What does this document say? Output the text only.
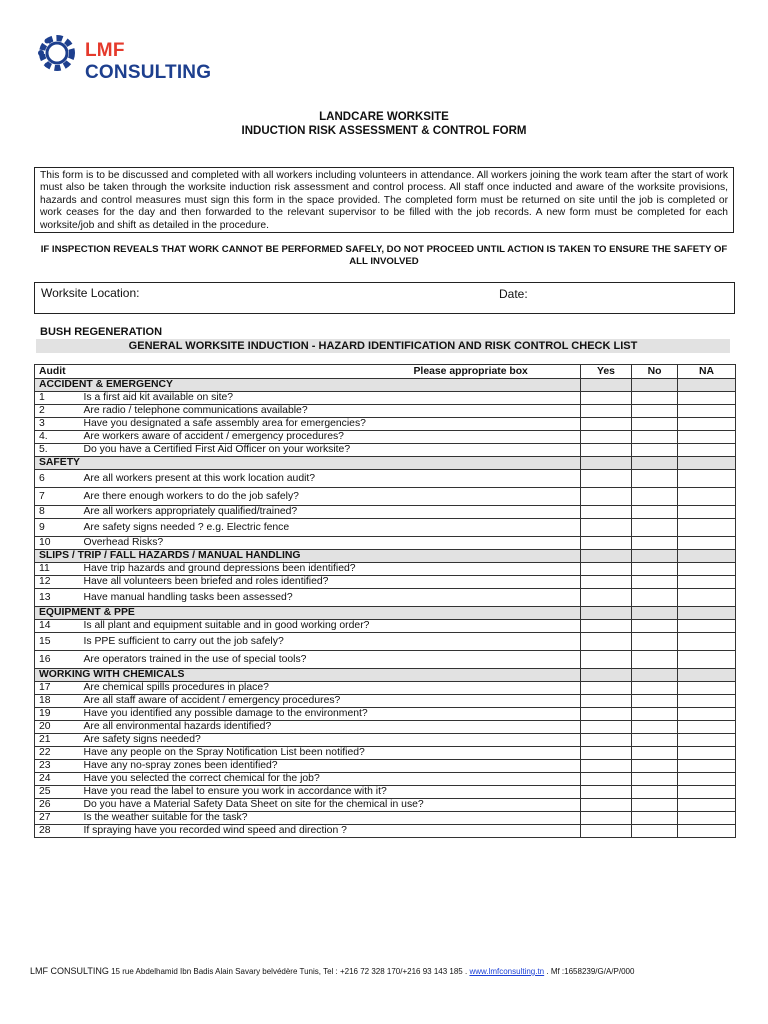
LMF CONSULTING
LANDCARE WORKSITE
INDUCTION RISK ASSESSMENT & CONTROL FORM
This form is to be discussed and completed with all workers including volunteers in attendance. All workers joining the work team after the start of work must also be taken through the worksite induction risk assessment and control process. All staff once inducted and aware of the worksite provisions, hazards and control measures must sign this form in the space provided. The completed form must be returned on site until the job is completed or work ceases for the day and then forwarded to the relevant supervisor to be filled with the job records. A new form must be completed for each worksite/job and shift as detailed in the procedure.
IF INSPECTION REVEALS THAT WORK CANNOT BE PERFORMED SAFELY, DO NOT PROCEED UNTIL ACTION IS TAKEN TO ENSURE THE SAFETY OF ALL INVOLVED
Worksite Location:	Date:
BUSH REGENERATION
GENERAL WORKSITE INDUCTION - HAZARD IDENTIFICATION AND RISK CONTROL CHECK LIST
Audit	Please appropriate box	Yes	No	NA
ACCIDENT & EMERGENCY				
1	Is a first aid kit available on site?			
2	Are radio / telephone communications available?			
3	Have you designated a safe assembly area for emergencies?			
4.	Are workers aware of accident / emergency procedures?			
5.	Do you have a Certified First Aid Officer on your worksite?			
SAFETY				
6	Are all workers present at this work location audit?			
7	Are there enough workers to do the job safely?			
8	Are all workers appropriately qualified/trained?			
9	Are safety signs needed ? e.g. Electric fence			
10	Overhead Risks?			
SLIPS / TRIP / FALL HAZARDS / MANUAL HANDLING				
11	Have trip hazards and ground depressions been identified?			
12	Have all volunteers been briefed and roles identified?			
13	Have manual handling tasks been assessed?			
EQUIPMENT & PPE				
14	Is all plant and equipment suitable and in good working order?			
15	Is PPE sufficient to carry out the job safely?			
16	Are operators trained in the use of special tools?			
WORKING WITH CHEMICALS				
17	Are chemical spills procedures in place?			
18	Are all staff aware of accident / emergency procedures?			
19	Have you identified any possible damage to the environment?			
20	Are all environmental hazards identified?			
21	Are safety signs needed?			
22	Have any people on the Spray Notification List been notified?			
23	Have any no-spray zones been identified?			
24	Have you selected the correct chemical for the job?			
25	Have you read the label to ensure you work in accordance with it?			
26	Do you have a Material Safety Data Sheet on site for the chemical in use?			
27	Is the weather suitable for the task?			
28	If spraying have you recorded wind speed and direction ?			
LMF CONSULTING 15 rue Abdelhamid Ibn Badis Alain Savary belvédère Tunis, Tel : +216 72 328 170/+216 93 143 185 . www.lmfconsulting.tn . Mf :1658239/G/A/P/000
